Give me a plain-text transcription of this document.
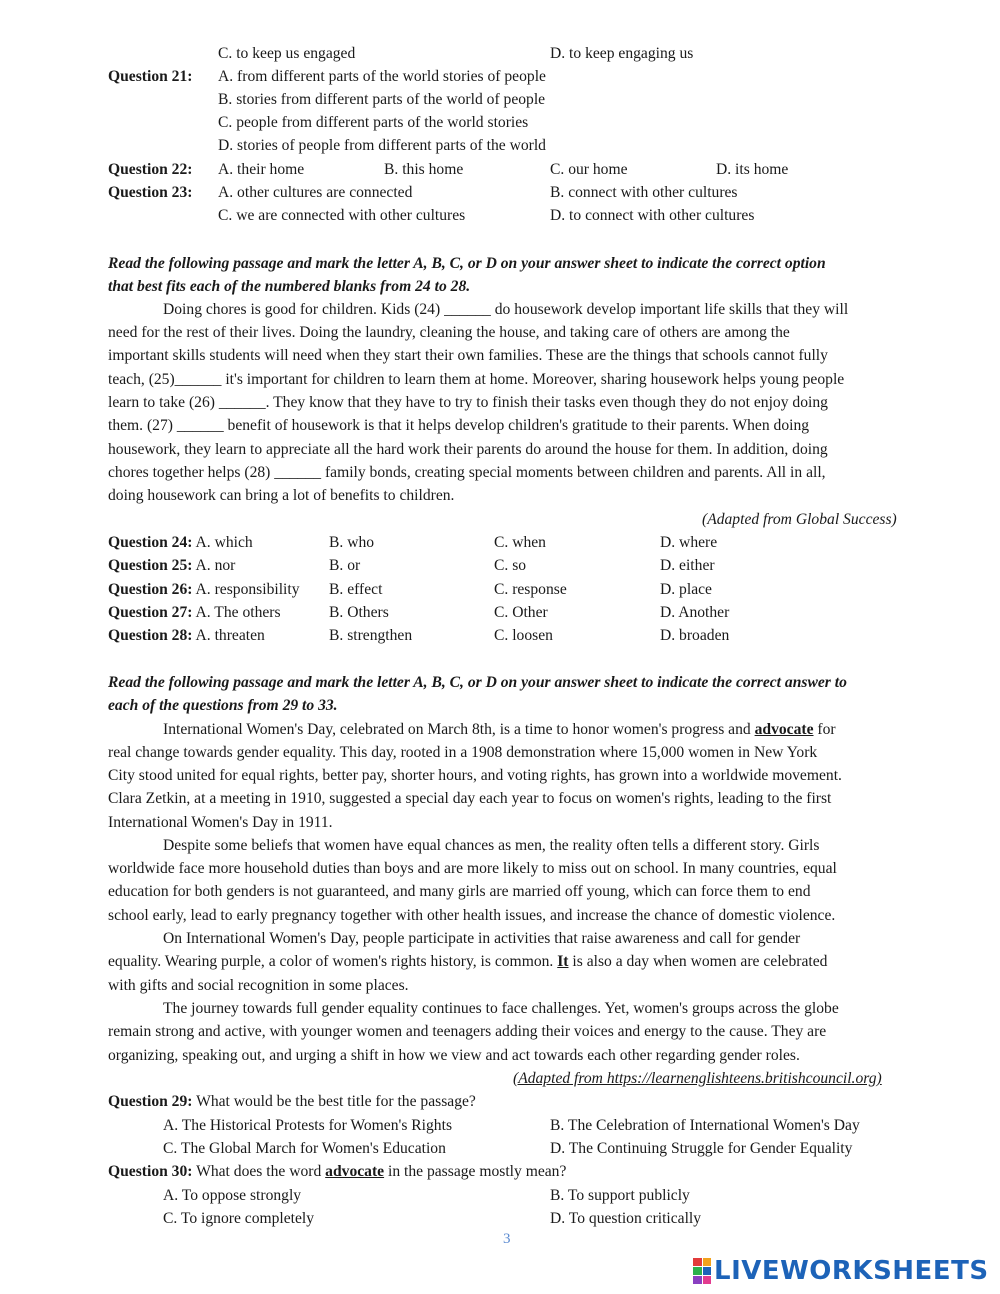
C. to keep us engaged	D. to keep engaging us
Question 21: A. from different parts of the world stories of people
B. stories from different parts of the world of people
C. people from different parts of the world stories
D. stories of people from different parts of the world
Question 22: A. their home	B. this home	C. our home	D. its home
Question 23: A. other cultures are connected	B. connect with other cultures
C. we are connected with other cultures	D. to connect with other cultures
Read the following passage and mark the letter A, B, C, or D on your answer sheet to indicate the correct option
that best fits each of the numbered blanks from 24 to 28.
Doing chores is good for children. Kids (24) ______ do housework develop important life skills that they will
need for the rest of their lives. Doing the laundry, cleaning the house, and taking care of others are among the
important skills students will need when they start their own families. These are the things that schools cannot fully
teach, (25)______ it's important for children to learn them at home. Moreover, sharing housework helps young people
learn to take (26) ______. They know that they have to try to finish their tasks even though they do not enjoy doing
them. (27) ______ benefit of housework is that it helps develop children's gratitude to their parents. When doing
housework, they learn to appreciate all the hard work their parents do around the house for them. In addition, doing
chores together helps (28) ______ family bonds, creating special moments between children and parents. All in all,
doing housework can bring a lot of benefits to children.
(Adapted from Global Success)
Question 24: A. which	B. who	C. when	D. where
Question 25: A. nor	B. or	C. so	D. either
Question 26: A. responsibility B. effect	C. response	D. place
Question 27: A. The others	B. Others	C. Other	D. Another
Question 28: A. threaten	B. strengthen	C. loosen	D. broaden
Read the following passage and mark the letter A, B, C, or D on your answer sheet to indicate the correct answer to
each of the questions from 29 to 33.
International Women's Day, celebrated on March 8th, is a time to honor women's progress and advocate for
real change towards gender equality. This day, rooted in a 1908 demonstration where 15,000 women in New York
City stood united for equal rights, better pay, shorter hours, and voting rights, has grown into a worldwide movement.
Clara Zetkin, at a meeting in 1910, suggested a special day each year to focus on women's rights, leading to the first
International Women's Day in 1911.
Despite some beliefs that women have equal chances as men, the reality often tells a different story. Girls
worldwide face more household duties than boys and are more likely to miss out on school. In many countries, equal
education for both genders is not guaranteed, and many girls are married off young, which can force them to end
school early, lead to early pregnancy together with other health issues, and increase the chance of domestic violence.
On International Women's Day, people participate in activities that raise awareness and call for gender
equality. Wearing purple, a color of women's rights history, is common. It is also a day when women are celebrated
with gifts and social recognition in some places.
The journey towards full gender equality continues to face challenges. Yet, women's groups across the globe
remain strong and active, with younger women and teenagers adding their voices and energy to the cause. They are
organizing, speaking out, and urging a shift in how we view and act towards each other regarding gender roles.
(Adapted from https://learnenglishteens.britishcouncil.org)
Question 29: What would be the best title for the passage?
A. The Historical Protests for Women's Rights	B. The Celebration of International Women's Day
C. The Global March for Women's Education	D. The Continuing Struggle for Gender Equality
Question 30: What does the word advocate in the passage mostly mean?
A. To oppose strongly	B. To support publicly
C. To ignore completely	D. To question critically
3
LIVEWORKSHEETS
